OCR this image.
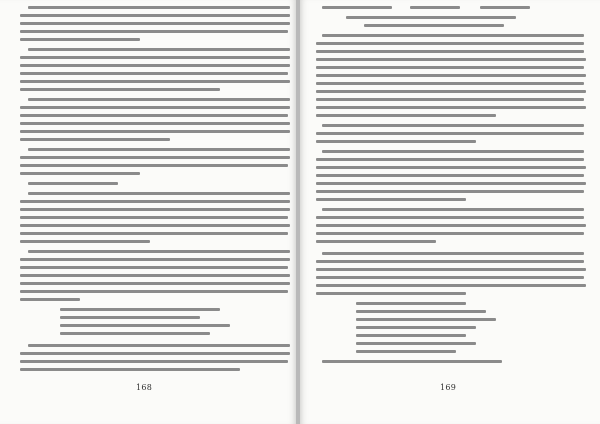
168	169
